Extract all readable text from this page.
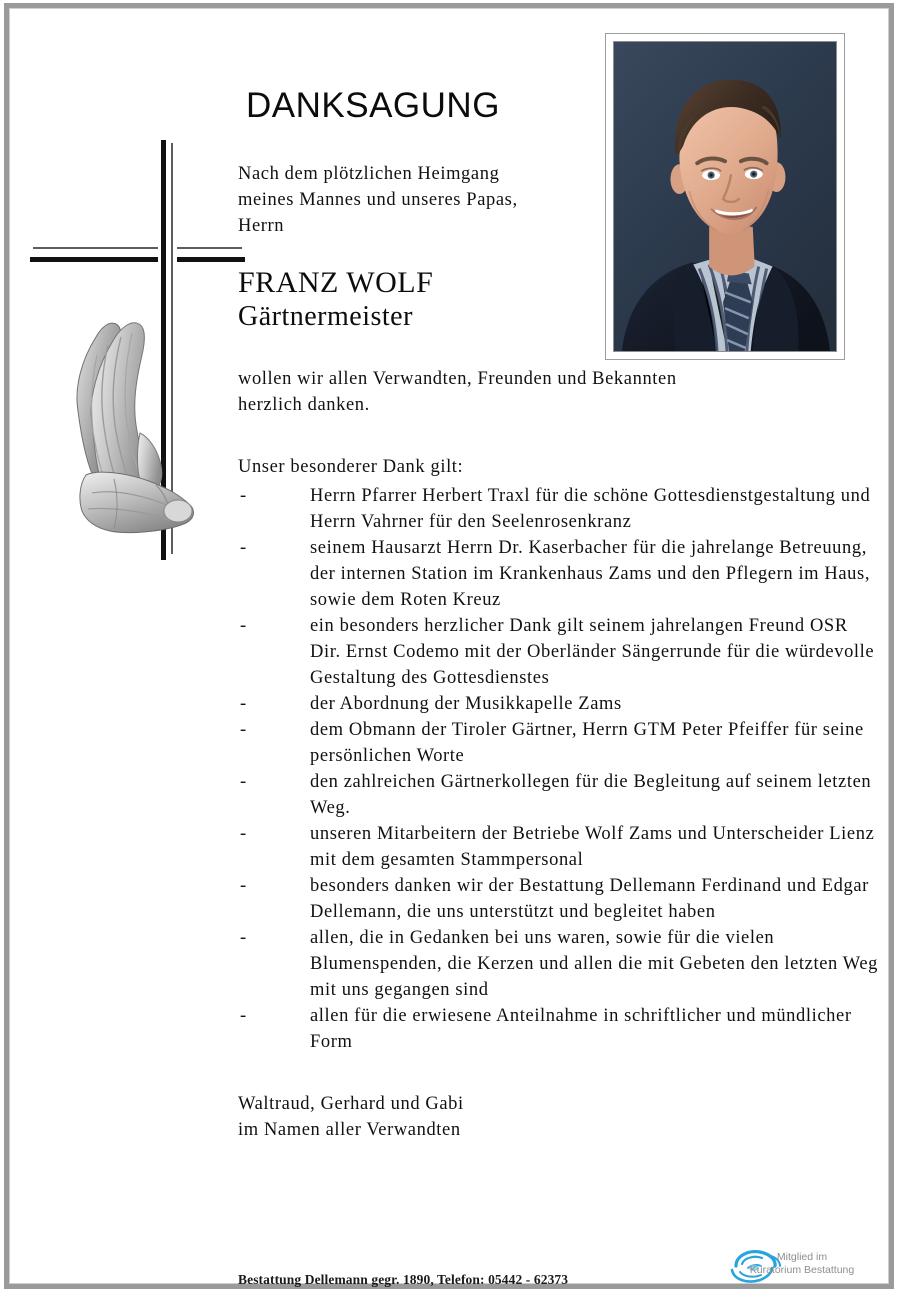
DANKSAGUNG

Nach dem plötzlichen Heimgang
meines Mannes und unseres Papas,
Herrn

FRANZ WOLF
Gärtnermeister

wollen wir allen Verwandten, Freunden und Bekannten
herzlich danken.

Unser besonderer Dank gilt:

-	Herrn Pfarrer Herbert Traxl für die schöne Gottesdienstgestaltung und Herrn Vahrner für den Seelenrosenkranz
-	seinem Hausarzt Herrn Dr. Kaserbacher für die jahrelange Betreuung, der internen Station im Krankenhaus Zams und den Pflegern im Haus, sowie dem Roten Kreuz
-	ein besonders herzlicher Dank gilt seinem jahrelangen Freund OSR Dir. Ernst Codemo mit der Oberländer Sängerrunde für die würdevolle Gestaltung des Gottesdienstes
-	der Abordnung der Musikkapelle Zams
-	dem Obmann der Tiroler Gärtner, Herrn GTM Peter Pfeiffer für seine persönlichen Worte
-	den zahlreichen Gärtnerkollegen für die Begleitung auf seinem letzten Weg.
-	unseren Mitarbeitern der Betriebe Wolf Zams und Unterscheider Lienz mit dem gesamten Stammpersonal
-	besonders danken wir der Bestattung Dellemann Ferdinand und Edgar Dellemann, die uns unterstützt und begleitet haben
-	allen, die in Gedanken bei uns waren, sowie für die vielen Blumenspenden, die Kerzen und allen die mit Gebeten den letzten Weg mit uns gegangen sind
-	allen für die erwiesene Anteilnahme in schriftlicher und mündlicher Form
Waltraud, Gerhard und Gabi
im Namen aller Verwandten
Bestattung Dellemann gegr. 1890, Telefon: 05442 - 62373
Mitglied im
Kuratorium Bestattung
